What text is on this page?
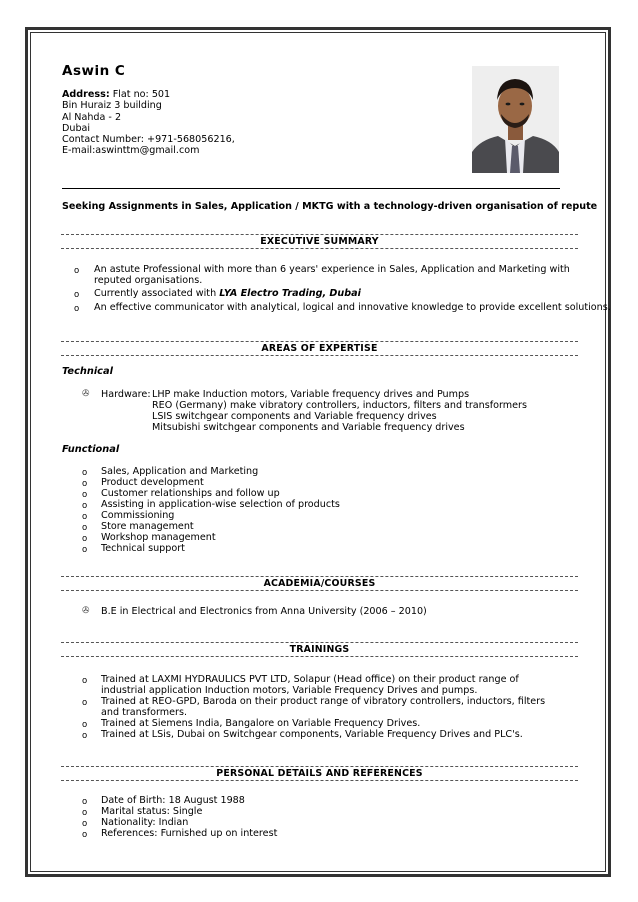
Aswin C
Address: Flat no: 501
Bin Huraiz 3 building
Al Nahda - 2
Dubai
Contact Number: +971-568056216,
E-mail:aswinttm@gmail.com
Seeking Assignments in Sales, Application / MKTG with a technology-driven organisation of repute
EXECUTIVE SUMMARY
o An astute Professional with more than 6 years' experience in Sales, Application and Marketing with reputed organisations.
o Currently associated with LYA Electro Trading, Dubai
o An effective communicator with analytical, logical and innovative knowledge to provide excellent solutions.
AREAS OF EXPERTISE
Technical
✇ Hardware: LHP make Induction motors, Variable frequency drives and Pumps
REO (Germany) make vibratory controllers, inductors, filters and transformers
LSIS switchgear components and Variable frequency drives
Mitsubishi switchgear components and Variable frequency drives
Functional
o Sales, Application and Marketing
o Product development
o Customer relationships and follow up
o Assisting in application-wise selection of products
o Commissioning
o Store management
o Workshop management
o Technical support
ACADEMIA/COURSES
✇ B.E in Electrical and Electronics from Anna University (2006 – 2010)
TRAININGS
o Trained at LAXMI HYDRAULICS PVT LTD, Solapur (Head office) on their product range of industrial application Induction motors, Variable Frequency Drives and pumps.
o Trained at REO-GPD, Baroda on their product range of vibratory controllers, inductors, filters and transformers.
o Trained at Siemens India, Bangalore on Variable Frequency Drives.
o Trained at LSis, Dubai on Switchgear components, Variable Frequency Drives and PLC's.
PERSONAL DETAILS AND REFERENCES
o Date of Birth: 18 August 1988
o Marital status: Single
o Nationality: Indian
o References: Furnished up on interest
